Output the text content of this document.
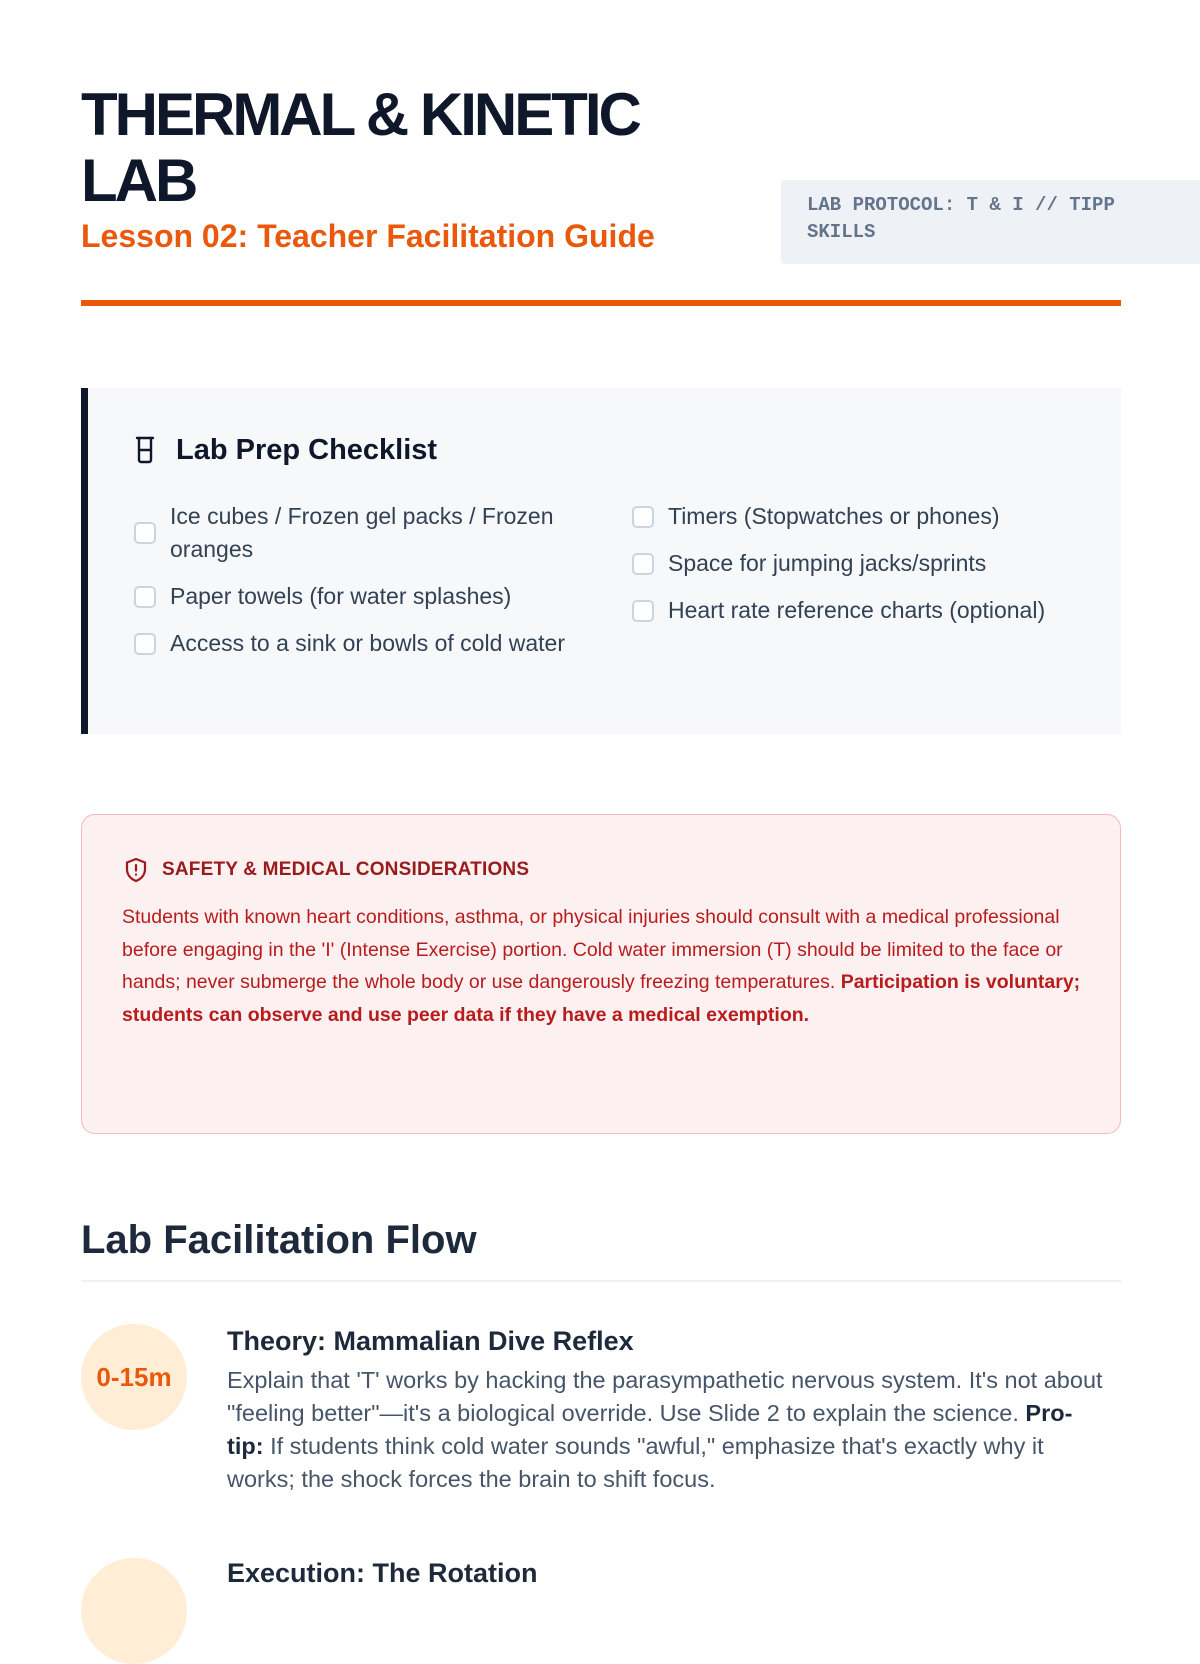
THERMAL & KINETIC LAB
Lesson 02: Teacher Facilitation Guide
LAB PROTOCOL: T & I // TIPP SKILLS
Lab Prep Checklist
Ice cubes / Frozen gel packs / Frozen oranges
Paper towels (for water splashes)
Access to a sink or bowls of cold water
Timers (Stopwatches or phones)
Space for jumping jacks/sprints
Heart rate reference charts (optional)
SAFETY & MEDICAL CONSIDERATIONS

Students with known heart conditions, asthma, or physical injuries should consult with a medical professional before engaging in the 'I' (Intense Exercise) portion. Cold water immersion (T) should be limited to the face or hands; never submerge the whole body or use dangerously freezing temperatures. Participation is voluntary; students can observe and use peer data if they have a medical exemption.

Lab Facilitation Flow
0-15m
Theory: Mammalian Dive Reflex

Explain that 'T' works by hacking the parasympathetic nervous system. It's not about "feeling better"—it's a biological override. Use Slide 2 to explain the science. Pro-tip: If students think cold water sounds "awful," emphasize that's exactly why it works; the shock forces the brain to shift focus.

Execution: The Rotation
